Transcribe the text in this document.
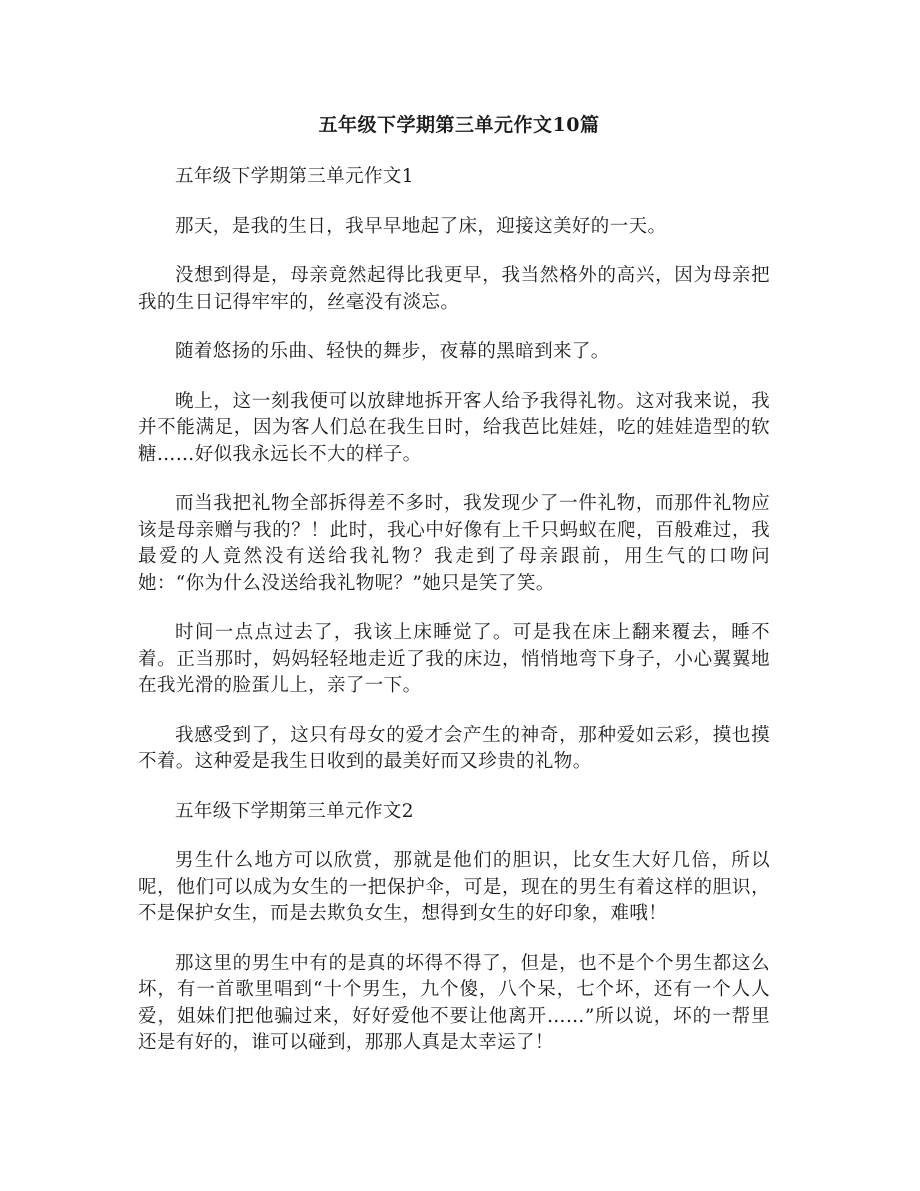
五年级下学期第三单元作文10篇

五年级下学期第三单元作文1

那天，是我的生日，我早早地起了床，迎接这美好的一天。

没想到得是，母亲竟然起得比我更早，我当然格外的高兴，因为母亲把我的生日记得牢牢的，丝毫没有淡忘。

随着悠扬的乐曲、轻快的舞步，夜幕的黑暗到来了。

晚上，这一刻我便可以放肆地拆开客人给予我得礼物。这对我来说，我并不能满足，因为客人们总在我生日时，给我芭比娃娃，吃的娃娃造型的软糖……好似我永远长不大的样子。

而当我把礼物全部拆得差不多时，我发现少了一件礼物，而那件礼物应该是母亲赠与我的？！此时，我心中好像有上千只蚂蚁在爬，百般难过，我最爱的人竟然没有送给我礼物？我走到了母亲跟前，用生气的口吻问她：“你为什么没送给我礼物呢？”她只是笑了笑。

时间一点点过去了，我该上床睡觉了。可是我在床上翻来覆去，睡不着。正当那时，妈妈轻轻地走近了我的床边，悄悄地弯下身子，小心翼翼地在我光滑的脸蛋儿上，亲了一下。

我感受到了，这只有母女的爱才会产生的神奇，那种爱如云彩，摸也摸不着。这种爱是我生日收到的最美好而又珍贵的礼物。

五年级下学期第三单元作文2

男生什么地方可以欣赏，那就是他们的胆识，比女生大好几倍，所以呢，他们可以成为女生的一把保护伞，可是，现在的男生有着这样的胆识，不是保护女生，而是去欺负女生，想得到女生的好印象，难哦！

那这里的男生中有的是真的坏得不得了，但是，也不是个个男生都这么坏，有一首歌里唱到“十个男生，九个傻，八个呆，七个坏，还有一个人人爱，姐妹们把他骗过来，好好爱他不要让他离开……”所以说，坏的一帮里还是有好的，谁可以碰到，那那人真是太幸运了！
